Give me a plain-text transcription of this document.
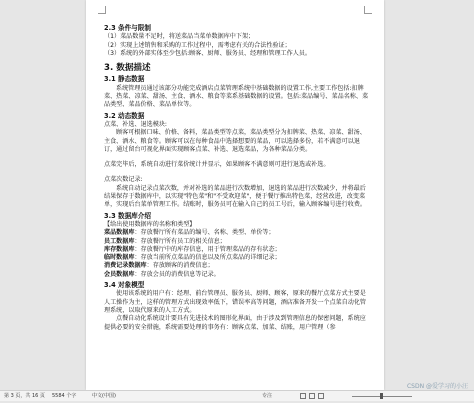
2.3 条件与限制

（1）菜品数量不足时，将送菜品当菜单数据库中下架；

（2）实现上述销售和采购的工作过程中，需考虑有关的合法性验证；

（3）系统的外部实体至少包括:顾客、厨师、服务员、经理和管理工作人员。

3. 数据描述
3.1 静态数据

系统管理员通过该部分功能完成酒店点菜管理系统中基础数据的设置工作,主要工作包括:扣牌菜、热菜、凉菜、甜汤、主食、酒水、粮食等菜系基础数据的设置。包括:菜品编号、菜品名称、菜品类型、菜品价格、菜品单位等。

3.2 动态数据

点菜、补选、退选模块:

顾客可根据口味、价格、备料，菜品类型等点菜，菜品类型分为扣牌菜、热菜、凉菜、甜汤、主食、酒水、粮食等。顾客可以在每种食品中选择想要的菜品，可以选择多份，若不满意可以退订，通过留台可视化界面实现顾客点菜、补选、退选菜品，为各种菜品分类。

点菜完毕后，系统自动进行菜价统计并显示，如果顾客不满意则可进行退选或补选。

点菜次数记录:

系统自动记录点菜次数，并对补选的菜品进行次数增加，退选的菜品进行次数减少，并将最后结果保存于数据库中，以实现"特色菜"和"不受欢迎菜"，便于餐厅推出特色菜，经营改进，改变菜单，实现后台菜单管理工作。结账时，服务员可在输入自己的员工号后，输入顾客编号进行收费。

3.3 数据库介绍

【给出使用数据库的名称和类型】

菜品数据库：存放餐厅所有菜品的编号、名称、类型、单价等；

员工数据库：存放餐厅所有员工的相关信息；

库存数据库：存放餐厅中的库存信息，用于管理菜品的存有状态；

临时数据库：存放当前所点菜品的信息以及所点菜品的详细记录；

消费记录数据库：存放顾客的消费信息；

会员数据库：存放会员的消费信息等记录。

3.4 对象模型

使用该系统的用户有：经理、前台管理员、服务员、厨师、顾客，原来的餐厅点菜方式主要是人工操作为主，这样的管理方式出现效率低下，错误率高等问题，酒店准备开发一个点菜自动化管理系统，以取代原来的人工方式。

点餐自动化系统设计要具有先进技术的图形化界面，由于涉及到管理信息的保密问题，系统应提供必要的安全措施，系统需要处理的事务有：顾客点菜、加菜、结账，用户管理（参

CSDN @爱学习的小汪
第 3 页，共 16 页 5584 个字	中文(中国)	专注
